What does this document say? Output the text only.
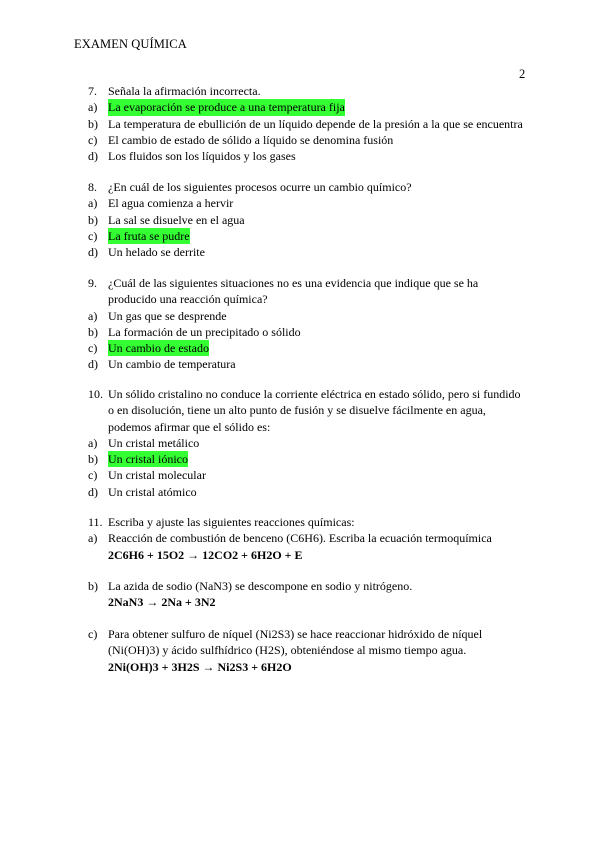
EXAMEN QUÍMICA
2
7. Señala la afirmación incorrecta.
a) La evaporación se produce a una temperatura fija
b) La temperatura de ebullición de un líquido depende de la presión a la que se encuentra
c) El cambio de estado de sólido a líquido se denomina fusión
d) Los fluidos son los líquidos y los gases
8. ¿En cuál de los siguientes procesos ocurre un cambio químico?
a) El agua comienza a hervir
b) La sal se disuelve en el agua
c) La fruta se pudre
d) Un helado se derrite
9. ¿Cuál de las siguientes situaciones no es una evidencia que indique que se ha
producido una reacción química?
a) Un gas que se desprende
b) La formación de un precipitado o sólido
c) Un cambio de estado
d) Un cambio de temperatura
10. Un sólido cristalino no conduce la corriente eléctrica en estado sólido, pero si fundido
o en disolución, tiene un alto punto de fusión y se disuelve fácilmente en agua,
podemos afirmar que el sólido es:
a) Un cristal metálico
b) Un cristal iónico
c) Un cristal molecular
d) Un cristal atómico
11. Escriba y ajuste las siguientes reacciones químicas:
a) Reacción de combustión de benceno (C6H6). Escriba la ecuación termoquímica
2C6H6 + 15O2 → 12CO2 + 6H2O + E
b) La azida de sodio (NaN3) se descompone en sodio y nitrógeno.
2NaN3 → 2Na + 3N2
c) Para obtener sulfuro de níquel (Ni2S3) se hace reaccionar hidróxido de níquel
(Ni(OH)3) y ácido sulfhídrico (H2S), obteniéndose al mismo tiempo agua.
2Ni(OH)3 + 3H2S → Ni2S3 + 6H2O
